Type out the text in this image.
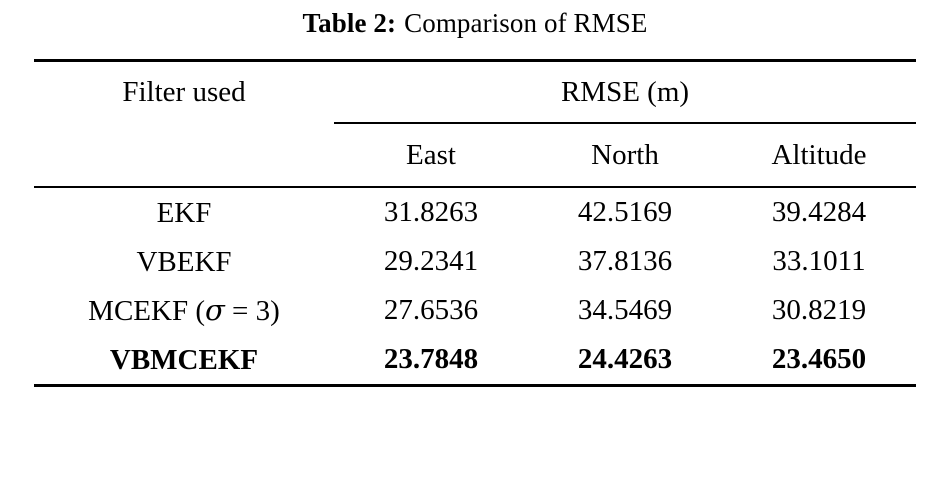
Table 2: Comparison of RMSE

Filter used	RMSE (m)		

	East	North	Altitude

EKF	31.8263	42.5169	39.4284
VBEKF	29.2341	37.8136	33.1011
MCEKF (σ = 3)	27.6536	34.5469	30.8219
VBMCEKF	23.7848	24.4263	23.4650
